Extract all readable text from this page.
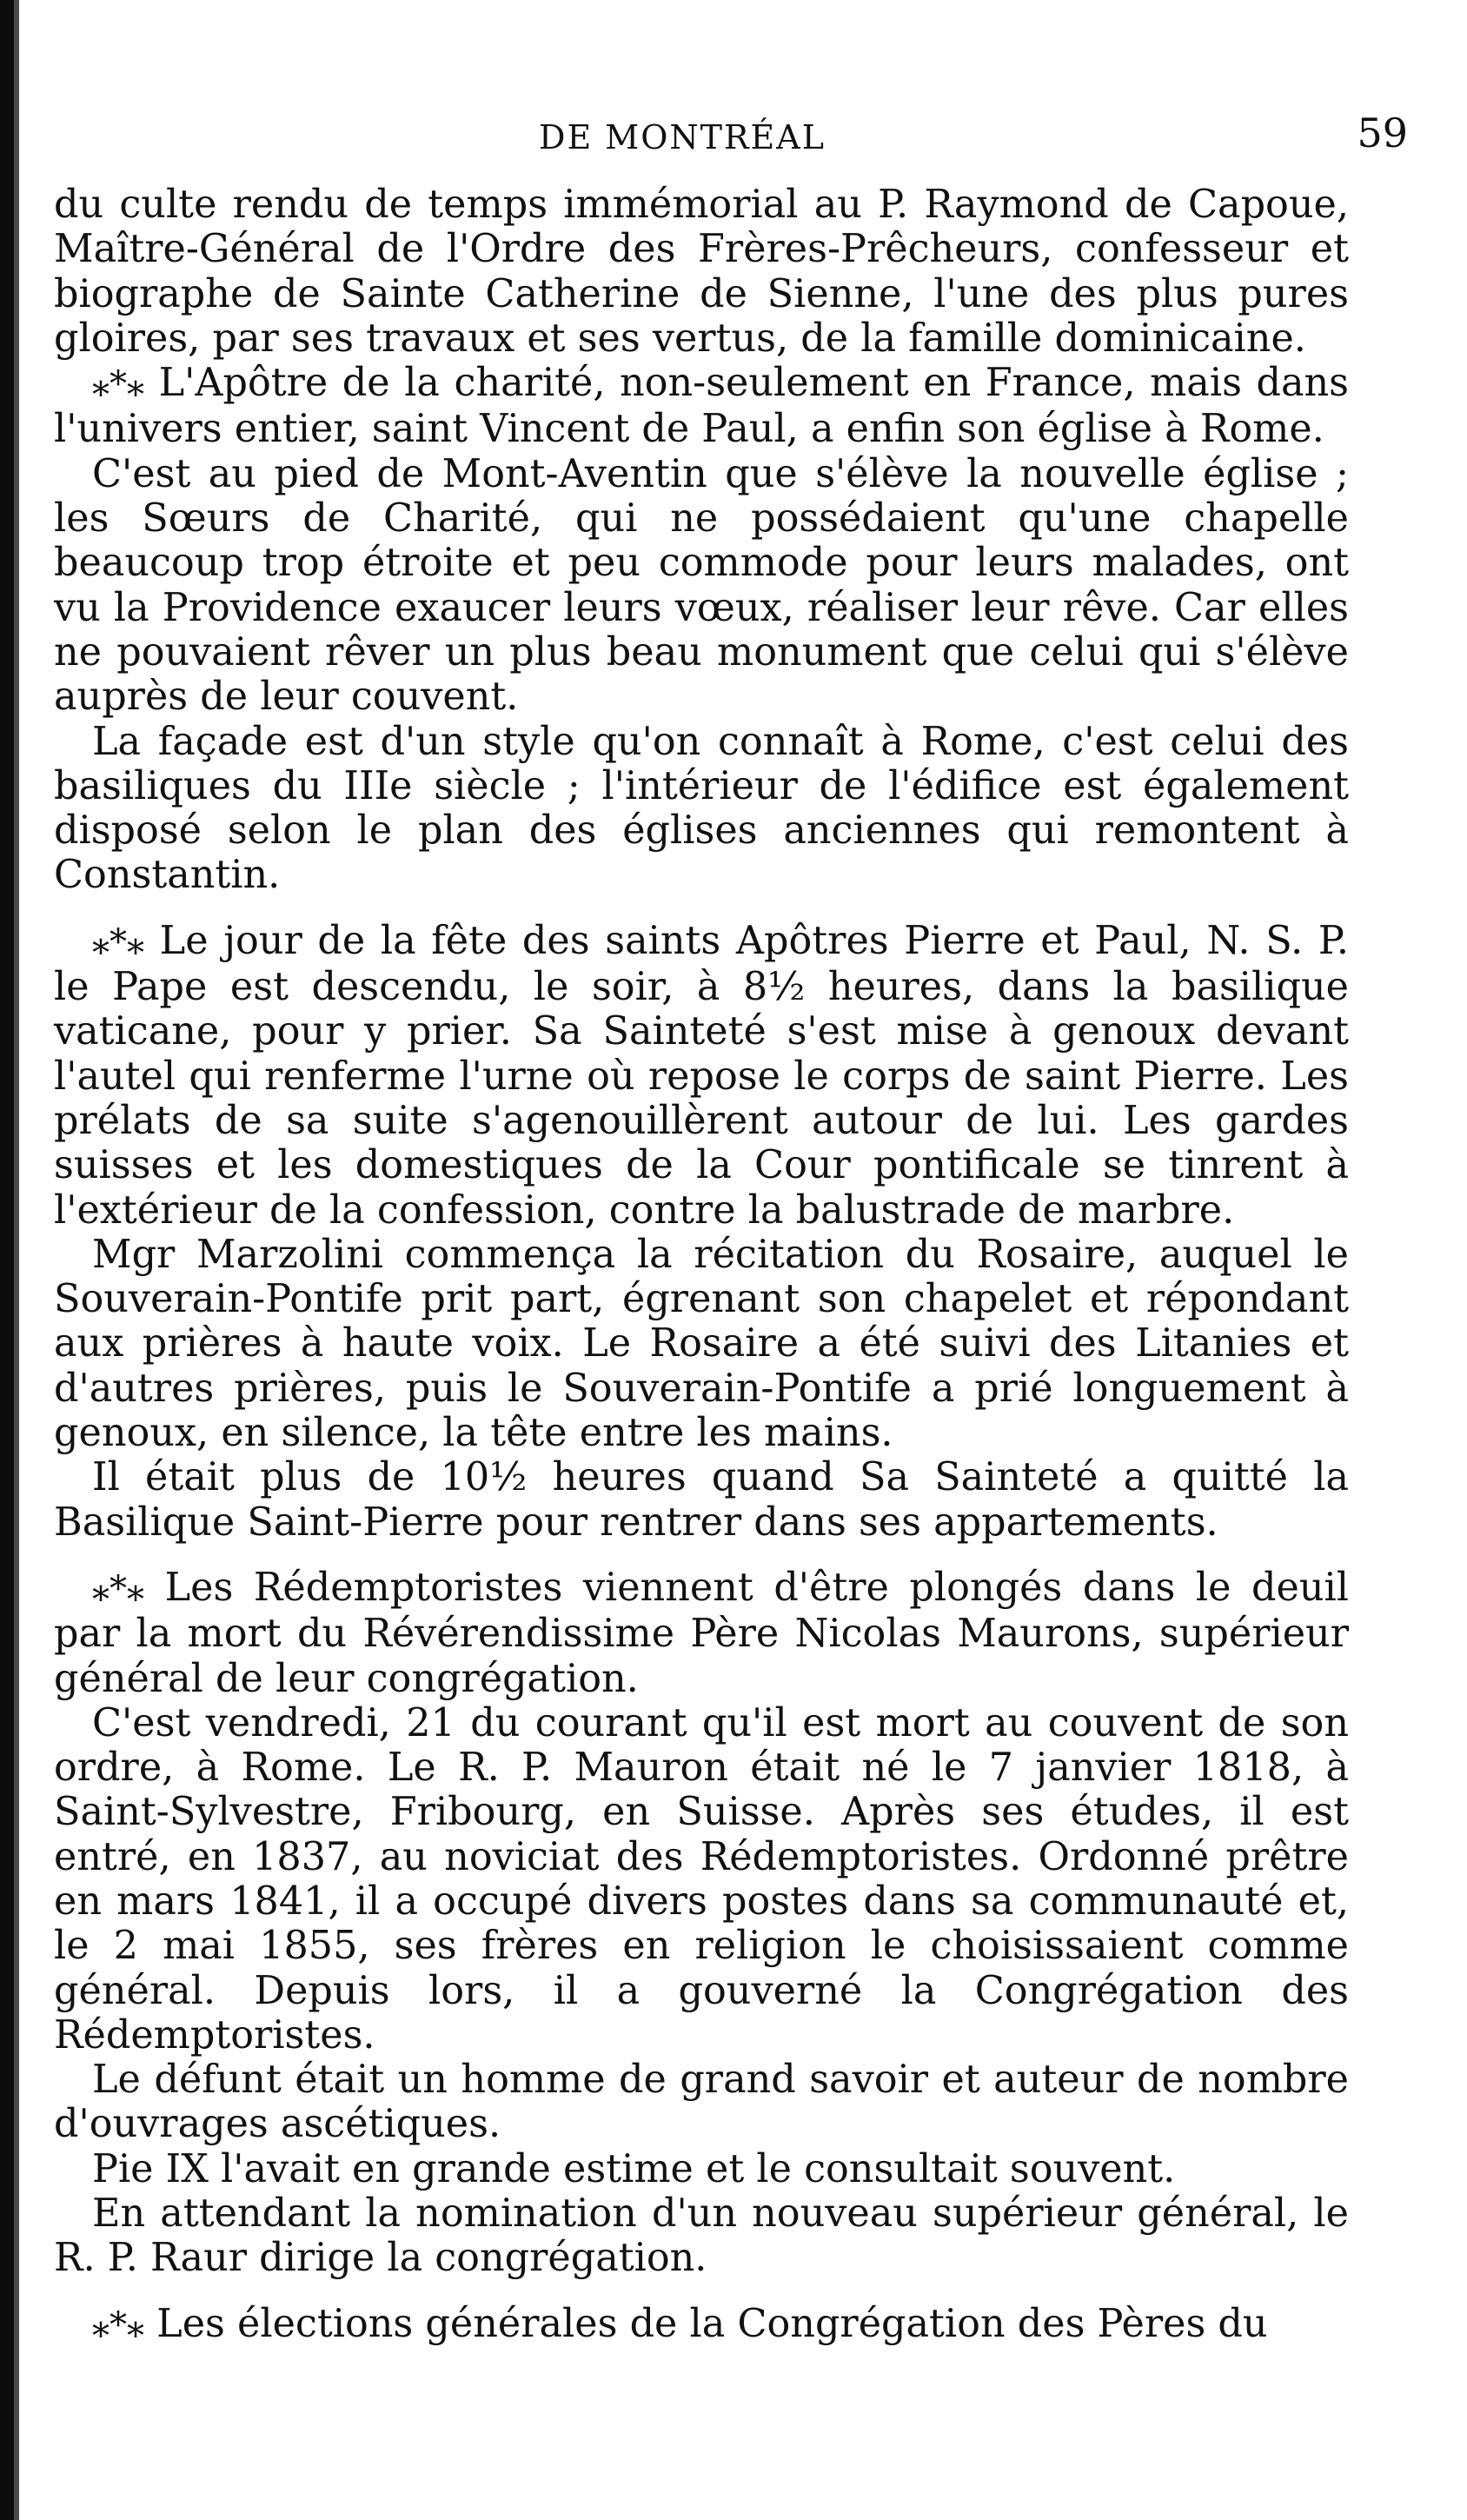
DE MONTRÉAL	59

du culte rendu de temps immémorial au P. Raymond de Capoue, Maître-Général de l'Ordre des Frères-Prêcheurs, confesseur et biographe de Sainte Catherine de Sienne, l'une des plus pures gloires, par ses travaux et ses vertus, de la famille dominicaine.

⁎*⁎ L'Apôtre de la charité, non-seulement en France, mais dans l'univers entier, saint Vincent de Paul, a enfin son église à Rome.

C'est au pied de Mont-Aventin que s'élève la nouvelle église ; les Sœurs de Charité, qui ne possédaient qu'une chapelle beaucoup trop étroite et peu commode pour leurs malades, ont vu la Providence exaucer leurs vœux, réaliser leur rêve. Car elles ne pouvaient rêver un plus beau monument que celui qui s'élève auprès de leur couvent.

La façade est d'un style qu'on connaît à Rome, c'est celui des basiliques du IIIe siècle ; l'intérieur de l'édifice est également disposé selon le plan des églises anciennes qui remontent à Constantin.

⁎*⁎ Le jour de la fête des saints Apôtres Pierre et Paul, N. S. P. le Pape est descendu, le soir, à 8½ heures, dans la basilique vaticane, pour y prier. Sa Sainteté s'est mise à genoux devant l'autel qui renferme l'urne où repose le corps de saint Pierre. Les prélats de sa suite s'agenouillèrent autour de lui. Les gardes suisses et les domestiques de la Cour pontificale se tinrent à l'extérieur de la confession, contre la balustrade de marbre.

Mgr Marzolini commença la récitation du Rosaire, auquel le Souverain-Pontife prit part, égrenant son chapelet et répondant aux prières à haute voix. Le Rosaire a été suivi des Litanies et d'autres prières, puis le Souverain-Pontife a prié longuement à genoux, en silence, la tête entre les mains.

Il était plus de 10½ heures quand Sa Sainteté a quitté la Basilique Saint-Pierre pour rentrer dans ses appartements.

⁎*⁎ Les Rédemptoristes viennent d'être plongés dans le deuil par la mort du Révérendissime Père Nicolas Maurons, supérieur général de leur congrégation.

C'est vendredi, 21 du courant qu'il est mort au couvent de son ordre, à Rome. Le R. P. Mauron était né le 7 janvier 1818, à Saint-Sylvestre, Fribourg, en Suisse. Après ses études, il est entré, en 1837, au noviciat des Rédemptoristes. Ordonné prêtre en mars 1841, il a occupé divers postes dans sa communauté et, le 2 mai 1855, ses frères en religion le choisissaient comme général. Depuis lors, il a gouverné la Congrégation des Rédemptoristes.

Le défunt était un homme de grand savoir et auteur de nombre d'ouvrages ascétiques.

Pie IX l'avait en grande estime et le consultait souvent.

En attendant la nomination d'un nouveau supérieur général, le R. P. Raur dirige la congrégation.

⁎*⁎ Les élections générales de la Congrégation des Pères du
